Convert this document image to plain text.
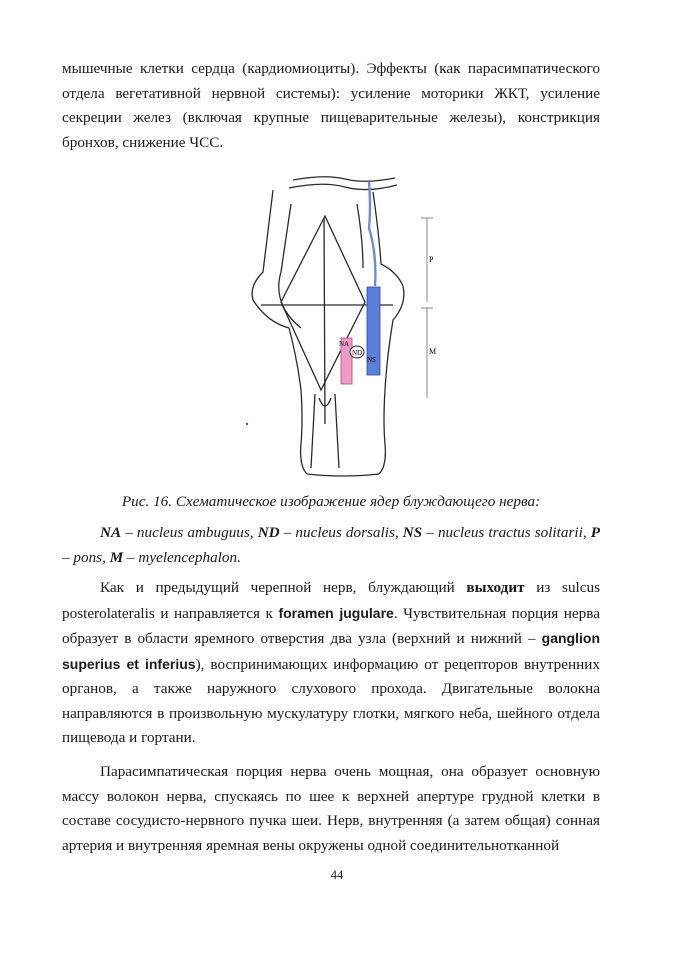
мышечные клетки сердца (кардиомиоциты). Эффекты (как парасимпатического отдела вегетативной нервной системы): усиление моторики ЖКТ, усиление секреции желез (включая крупные пищеварительные железы), констрикция бронхов, снижение ЧСС.

NA
ND
NS
P
M

Рис. 16. Схематическое изображение ядер блуждающего нерва:

NA – nucleus ambuguus, ND – nucleus dorsalis, NS – nucleus tractus solitarii, P – pons, M – myelencephalon.

Как и предыдущий черепной нерв, блуждающий выходит из sulcus posterolateralis и направляется к foramen jugulare. Чувствительная порция нерва образует в области яремного отверстия два узла (верхний и нижний – ganglion superius et inferius), воспринимающих информацию от рецепторов внутренних органов, а также наружного слухового прохода. Двигательные волокна направляются в произвольную мускулатуру глотки, мягкого неба, шейного отдела пищевода и гортани.

Парасимпатическая порция нерва очень мощная, она образует основную массу волокон нерва, спускаясь по шее к верхней апертуре грудной клетки в составе сосудисто-нервного пучка шеи. Нерв, внутренняя (а затем общая) сонная артерия и внутренняя яремная вены окружены одной соединительнотканной

44
